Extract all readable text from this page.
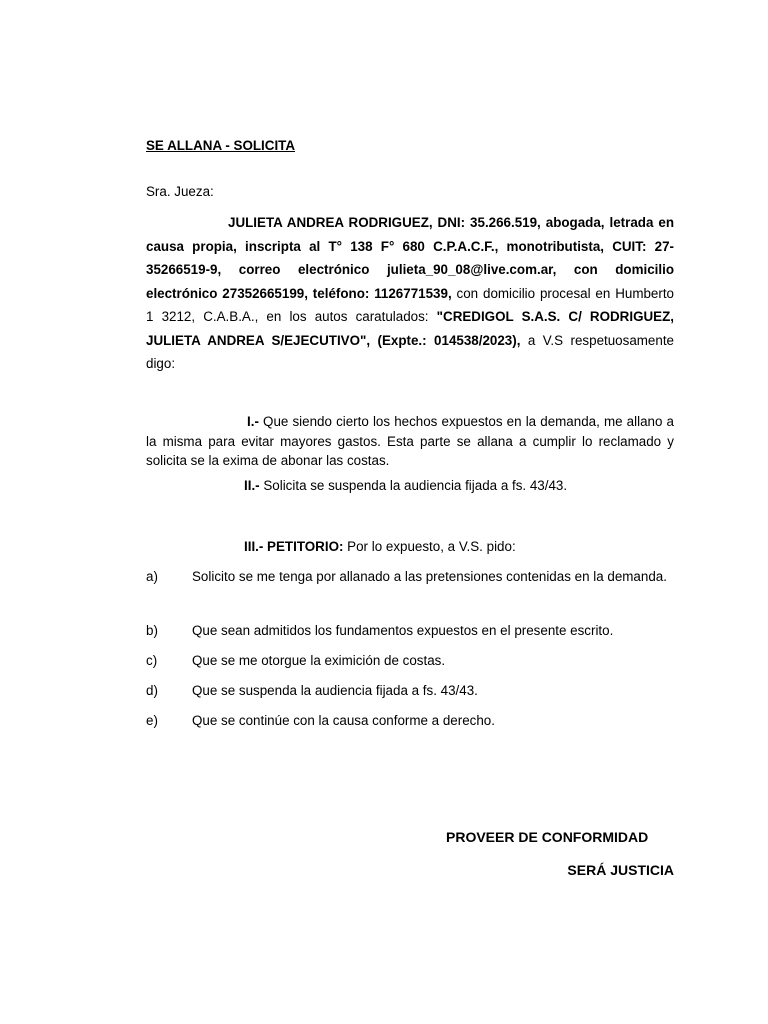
SE ALLANA - SOLICITA
Sra. Jueza:
JULIETA ANDREA RODRIGUEZ, DNI: 35.266.519, abogada, letrada en causa propia, inscripta al T° 138 F° 680 C.P.A.C.F., monotributista, CUIT: 27-35266519-9, correo electrónico julieta_90_08@live.com.ar, con domicilio electrónico 27352665199, teléfono: 1126771539, con domicilio procesal en Humberto 1 3212, C.A.B.A., en los autos caratulados: "CREDIGOL S.A.S. C/ RODRIGUEZ, JULIETA ANDREA S/EJECUTIVO", (Expte.: 014538/2023), a V.S respetuosamente digo:
I.- Que siendo cierto los hechos expuestos en la demanda, me allano a la misma para evitar mayores gastos. Esta parte se allana a cumplir lo reclamado y solicita se la exima de abonar las costas.
II.- Solicita se suspenda la audiencia fijada a fs. 43/43.
III.- PETITORIO: Por lo expuesto, a V.S. pido:
a)	Solicito se me tenga por allanado a las pretensiones contenidas en la demanda.
b)	Que sean admitidos los fundamentos expuestos en el presente escrito.
c)	Que se me otorgue la eximición de costas.
d)	Que se suspenda la audiencia fijada a fs. 43/43.
e)	Que se continúe con la causa conforme a derecho.
PROVEER DE CONFORMIDAD
SERÁ JUSTICIA
